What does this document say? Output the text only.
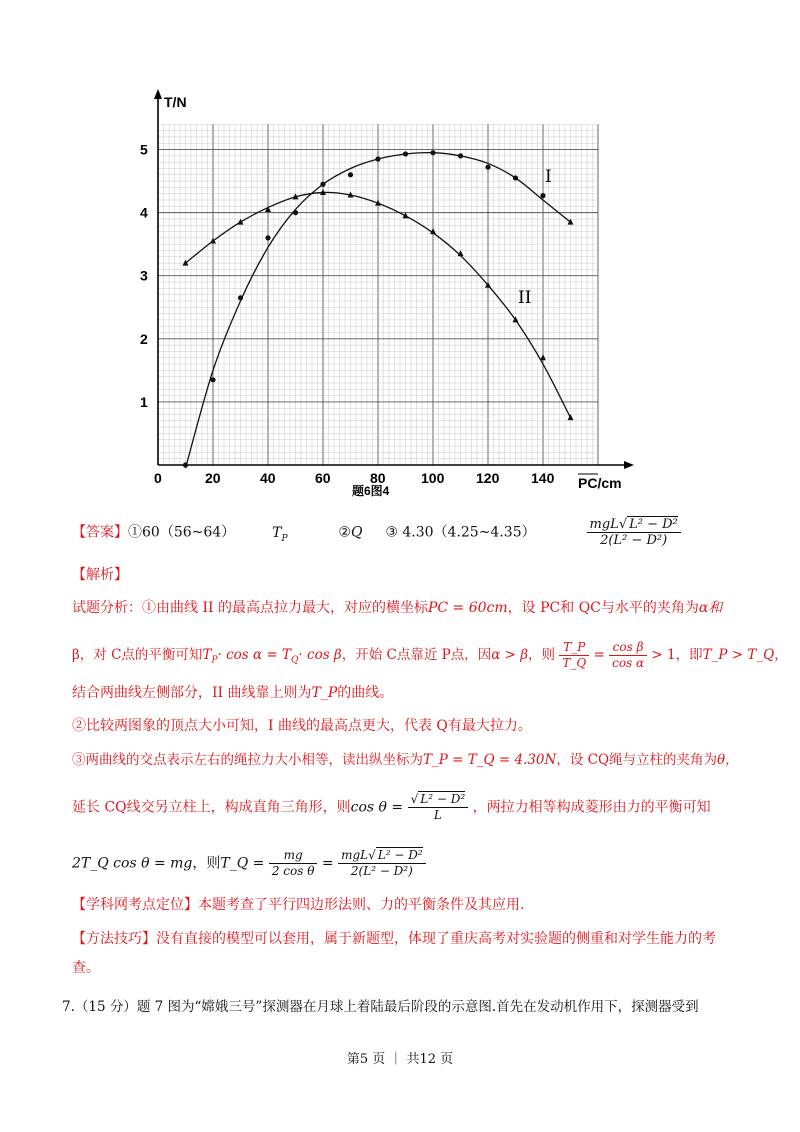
0	20	40	60	80	100 120 140
1
2
3
4
5
T/N
PC/cm
题6图4
I
II
【答案】①60（56~64）	$T_P$	②Q ③ 4.30（4.25~4.35）	$\frac{\text{mgL√ L² − D²}}{\text{2(L² − D²)}}$
【解析】
试题分析：①由曲线 II 的最高点拉力最大，对应的横坐标PC = 60cm，设 PC和 QC与水平的夹角为α和
β，对 C点的平衡可知$T_P\cdot \cos \alpha = T_Q\cdot \cos \beta$，开始 C点靠近 P点，因α > β，则 $\frac{T\_P}{T\_Q} = \frac{\text{cos β}}{\text{cos α}} > 1$，即T_P > T_Q，
结合两曲线左侧部分，II 曲线靠上则为T_P的曲线。
②比较两图象的顶点大小可知，I 曲线的最高点更大，代表 Q有最大拉力。
③两曲线的交点表示左右的绳拉力大小相等，读出纵坐标为T_P = T_Q = 4.30N，设 CQ绳与立柱的夹角为θ，
延长 CQ线交另立柱上，构成直角三角形，则$\cos \theta = \frac{\text{√ L² − D²}}{L}$ ，两拉力相等构成菱形由力的平衡可知
2T_Q cos θ = mg，则T_Q = $\frac{mg}{\text{2 cos θ}} = \frac{\text{mgL√ L² − D²}}{\text{2(L² − D²)}}$
【学科网考点定位】本题考查了平行四边形法则、力的平衡条件及其应用.
【方法技巧】没有直接的模型可以套用，属于新题型，体现了重庆高考对实验题的侧重和对学生能力的考
查。
7.（15 分）题 7 图为“嫦娥三号”探测器在月球上着陆最后阶段的示意图.首先在发动机作用下，探测器受到
第5 页 ｜ 共12 页
